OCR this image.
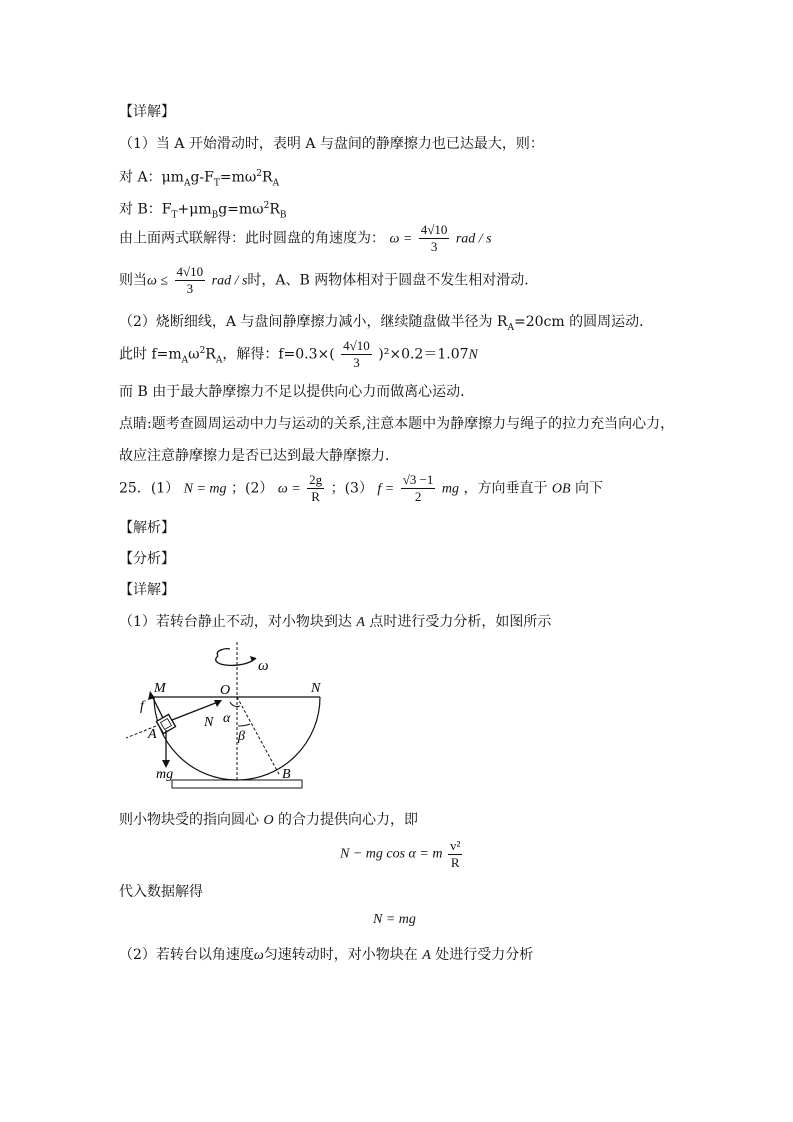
【详解】
（1）当 A 开始滑动时，表明 A 与盘间的静摩擦力也已达最大，则：
对 A：$\mu m_Ag-F_T=m\omega^2R_A$
对 B：$F_T+\mu m_Bg=m\omega^2R_B$
由上面两式联解得：此时圆盘的角速度为： $\omega = \frac{4√10}{3}$ rad / s
则当$\omega \le \frac{4√10}{3}$ rad / s时，A、B 两物体相对于圆盘不发生相对滑动．
（2）烧断细线，A 与盘间静摩擦力减小，继续随盘做半径为 $R_A=20cm$ 的圆周运动．
此时 $f=m_A\omega^2R_A$，解得：$f=0.3\times( \frac{4√10}{3} )^2\times 0.2=1.07N$
而 B 由于最大静摩擦力不足以提供向心力而做离心运动．
点睛:题考查圆周运动中力与运动的关系,注意本题中为静摩擦力与绳子的拉力充当向心力，
故应注意静摩擦力是否已达到最大静摩擦力．
25．(1） N = mg ；(2） $\omega = \frac{2g}{R}$ ；(3） $f = \frac{√3 -1}{2}$ mg ，方向垂直于 OB 向下
【解析】
【分析】
【详解】
（1）若转台静止不动，对小物块到达 A 点时进行受力分析，如图所示
ω
M	O	N
f
N α
β
A
mg	B
则小物块受的指向圆心 O 的合力提供向心力，即
N − mg cos α = m $\frac{\text{v²}}{R}$
代入数据解得
N = mg
（2）若转台以角速度ω匀速转动时，对小物块在 A 处进行受力分析
